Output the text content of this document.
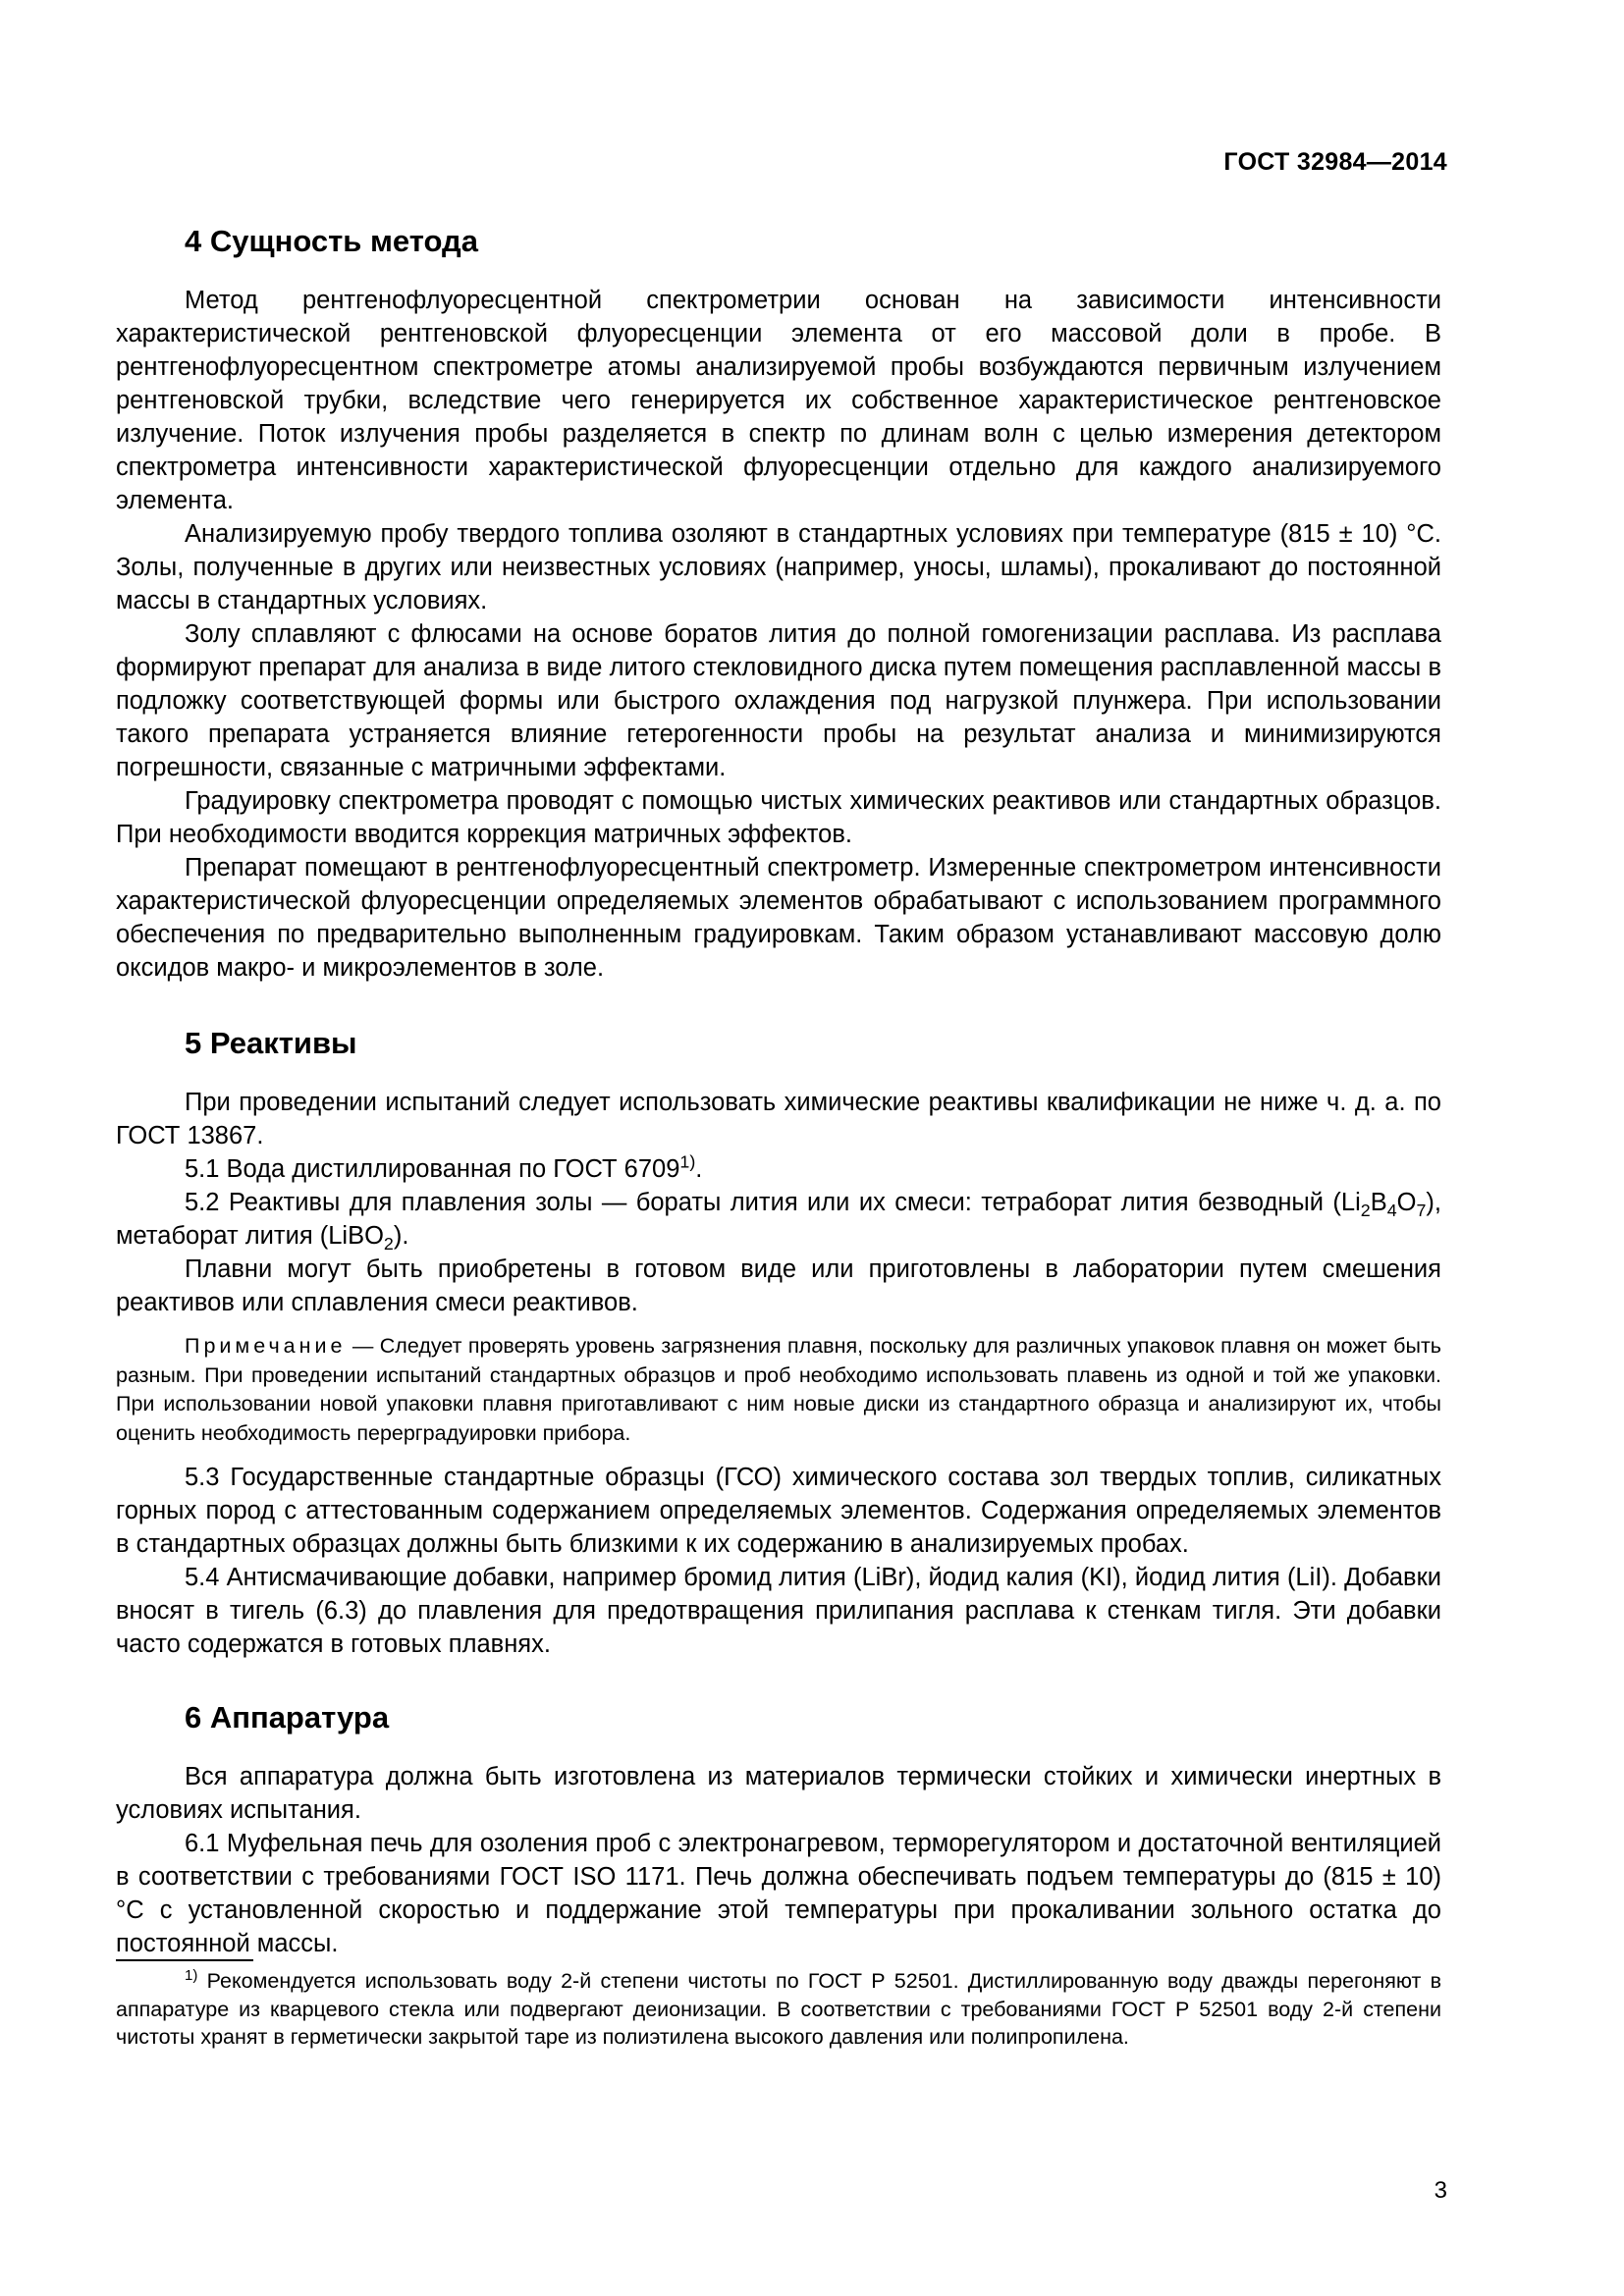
ГОСТ 32984—2014
4 Сущность метода

Метод рентгенофлуоресцентной спектрометрии основан на зависимости интенсивности характеристической рентгеновской флуоресценции элемента от его массовой доли в пробе. В рентгенофлуоресцентном спектрометре атомы анализируемой пробы возбуждаются первичным излучением рентгеновской трубки, вследствие чего генерируется их собственное характеристическое рентгеновское излучение. Поток излучения пробы разделяется в спектр по длинам волн с целью измерения детектором спектрометра интенсивности характеристической флуоресценции отдельно для каждого анализируемого элемента.

Анализируемую пробу твердого топлива озоляют в стандартных условиях при температуре (815 ± 10) °С. Золы, полученные в других или неизвестных условиях (например, уносы, шламы), прокаливают до постоянной массы в стандартных условиях.

Золу сплавляют с флюсами на основе боратов лития до полной гомогенизации расплава. Из расплава формируют препарат для анализа в виде литого стекловидного диска путем помещения расплавленной массы в подложку соответствующей формы или быстрого охлаждения под нагрузкой плунжера. При использовании такого препарата устраняется влияние гетерогенности пробы на результат анализа и минимизируются погрешности, связанные с матричными эффектами.

Градуировку спектрометра проводят с помощью чистых химических реактивов или стандартных образцов. При необходимости вводится коррекция матричных эффектов.

Препарат помещают в рентгенофлуоресцентный спектрометр. Измеренные спектрометром интенсивности характеристической флуоресценции определяемых элементов обрабатывают с использованием программного обеспечения по предварительно выполненным градуировкам. Таким образом устанавливают массовую долю оксидов макро- и микроэлементов в золе.

5 Реактивы

При проведении испытаний следует использовать химические реактивы квалификации не ниже ч. д. а. по ГОСТ 13867.

5.1 Вода дистиллированная по ГОСТ 6709$^{1)}$.

5.2 Реактивы для плавления золы — бораты лития или их смеси: тетраборат лития безводный $(Li_2B_4O_7)$, метаборат лития (LiBO$_2$).

Плавни могут быть приобретены в готовом виде или приготовлены в лаборатории путем смешения реактивов или сплавления смеси реактивов.

Примечание — Следует проверять уровень загрязнения плавня, поскольку для различных упаковок плавня он может быть разным. При проведении испытаний стандартных образцов и проб необходимо использовать плавень из одной и той же упаковки. При использовании новой упаковки плавня приготавливают с ним новые диски из стандартного образца и анализируют их, чтобы оценить необходимость перерградуировки прибора.

5.3 Государственные стандартные образцы (ГСО) химического состава зол твердых топлив, силикатных горных пород с аттестованным содержанием определяемых элементов. Содержания определяемых элементов в стандартных образцах должны быть близкими к их содержанию в анализируемых пробах.

5.4 Антисмачивающие добавки, например бромид лития (LiBr), йодид калия (KI), йодид лития (LiI). Добавки вносят в тигель (6.3) до плавления для предотвращения прилипания расплава к стенкам тигля. Эти добавки часто содержатся в готовых плавнях.

6 Аппаратура

Вся аппаратура должна быть изготовлена из материалов термически стойких и химически инертных в условиях испытания.

6.1 Муфельная печь для озоления проб с электронагревом, терморегулятором и достаточной вентиляцией в соответствии с требованиями ГОСТ ISO 1171. Печь должна обеспечивать подъем температуры до (815 ± 10) °С с установленной скоростью и поддержание этой температуры при прокаливании зольного остатка до постоянной массы.

$^{1)}$ Рекомендуется использовать воду 2-й степени чистоты по ГОСТ Р 52501. Дистиллированную воду дважды перегоняют в аппаратуре из кварцевого стекла или подвергают деионизации. В соответствии с требованиями ГОСТ Р 52501 воду 2-й степени чистоты хранят в герметически закрытой таре из полиэтилена высокого давления или полипропилена.

3
